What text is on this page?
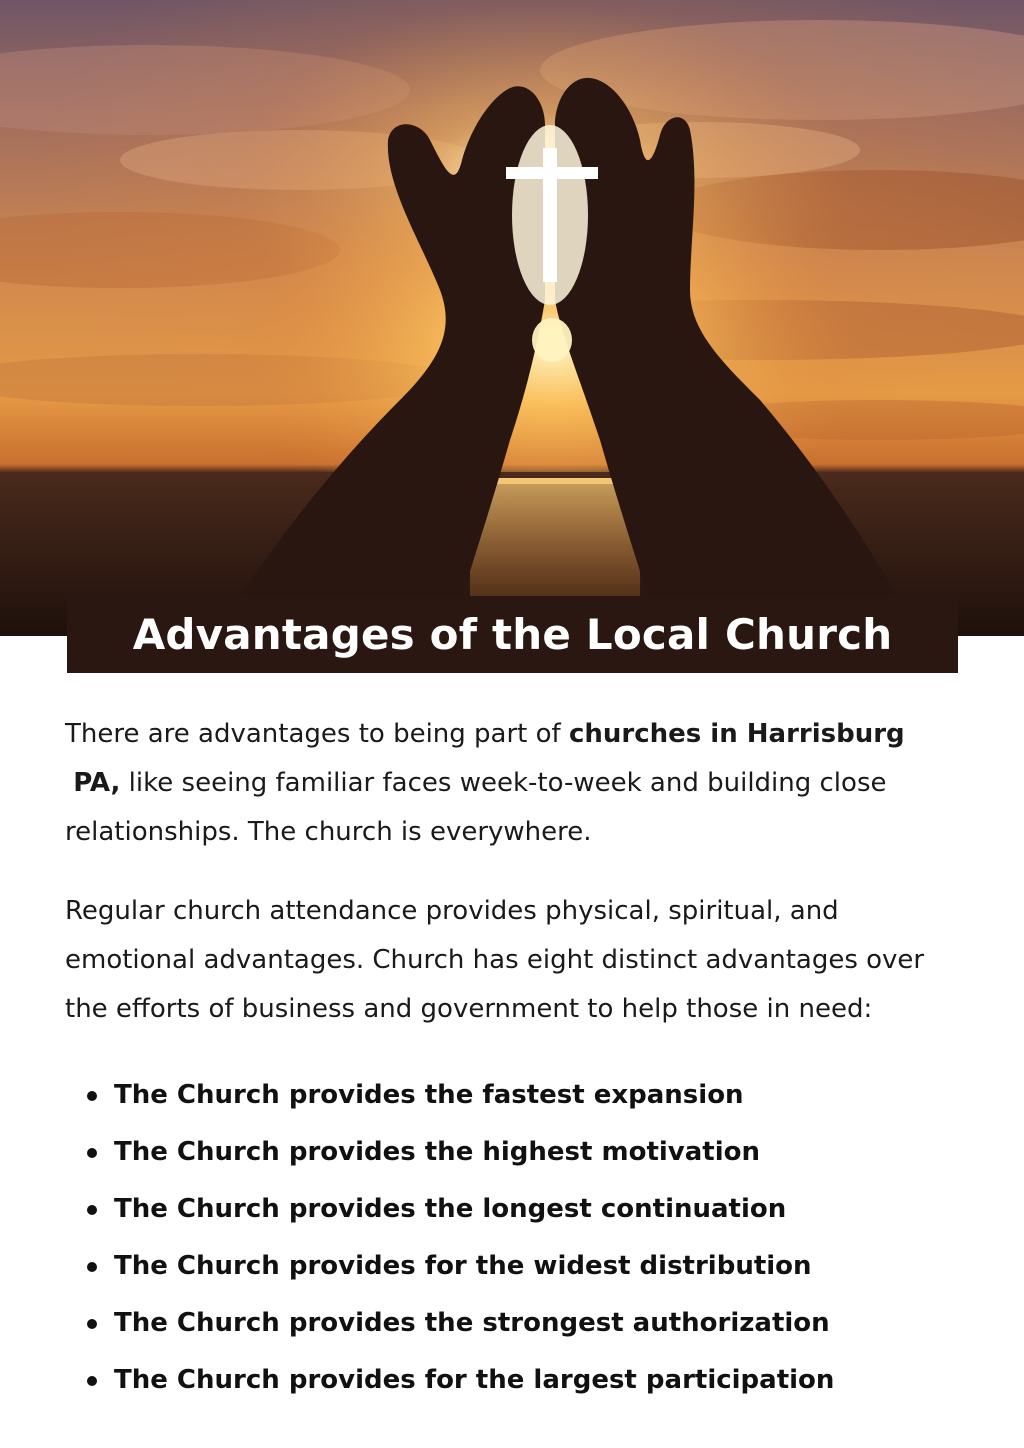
Advantages of the Local Church

There are advantages to being part of churches in Harrisburg
PA, like seeing familiar faces week-to-week and building close relationships. The church is everywhere.

Regular church attendance provides physical, spiritual, and emotional advantages. Church has eight distinct advantages over the efforts of business and government to help those in need:

The Church provides the fastest expansion
The Church provides the highest motivation
The Church provides the longest continuation
The Church provides for the widest distribution
The Church provides the strongest authorization
The Church provides for the largest participation
